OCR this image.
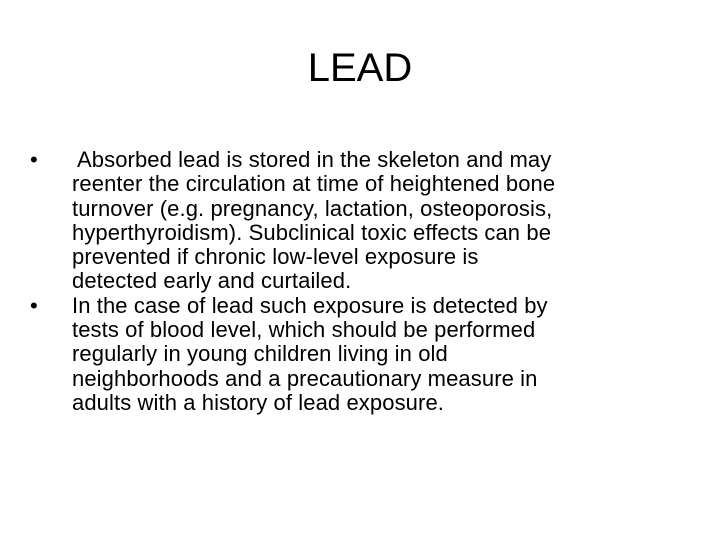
LEAD
•	Absorbed lead is stored in the skeleton and may
reenter the circulation at time of heightened bone
turnover (e.g. pregnancy, lactation, osteoporosis,
hyperthyroidism). Subclinical toxic effects can be
prevented if chronic low-level exposure is
detected early and curtailed.
•	In the case of lead such exposure is detected by
tests of blood level, which should be performed
regularly in young children living in old
neighborhoods and a precautionary measure in
adults with a history of lead exposure.
